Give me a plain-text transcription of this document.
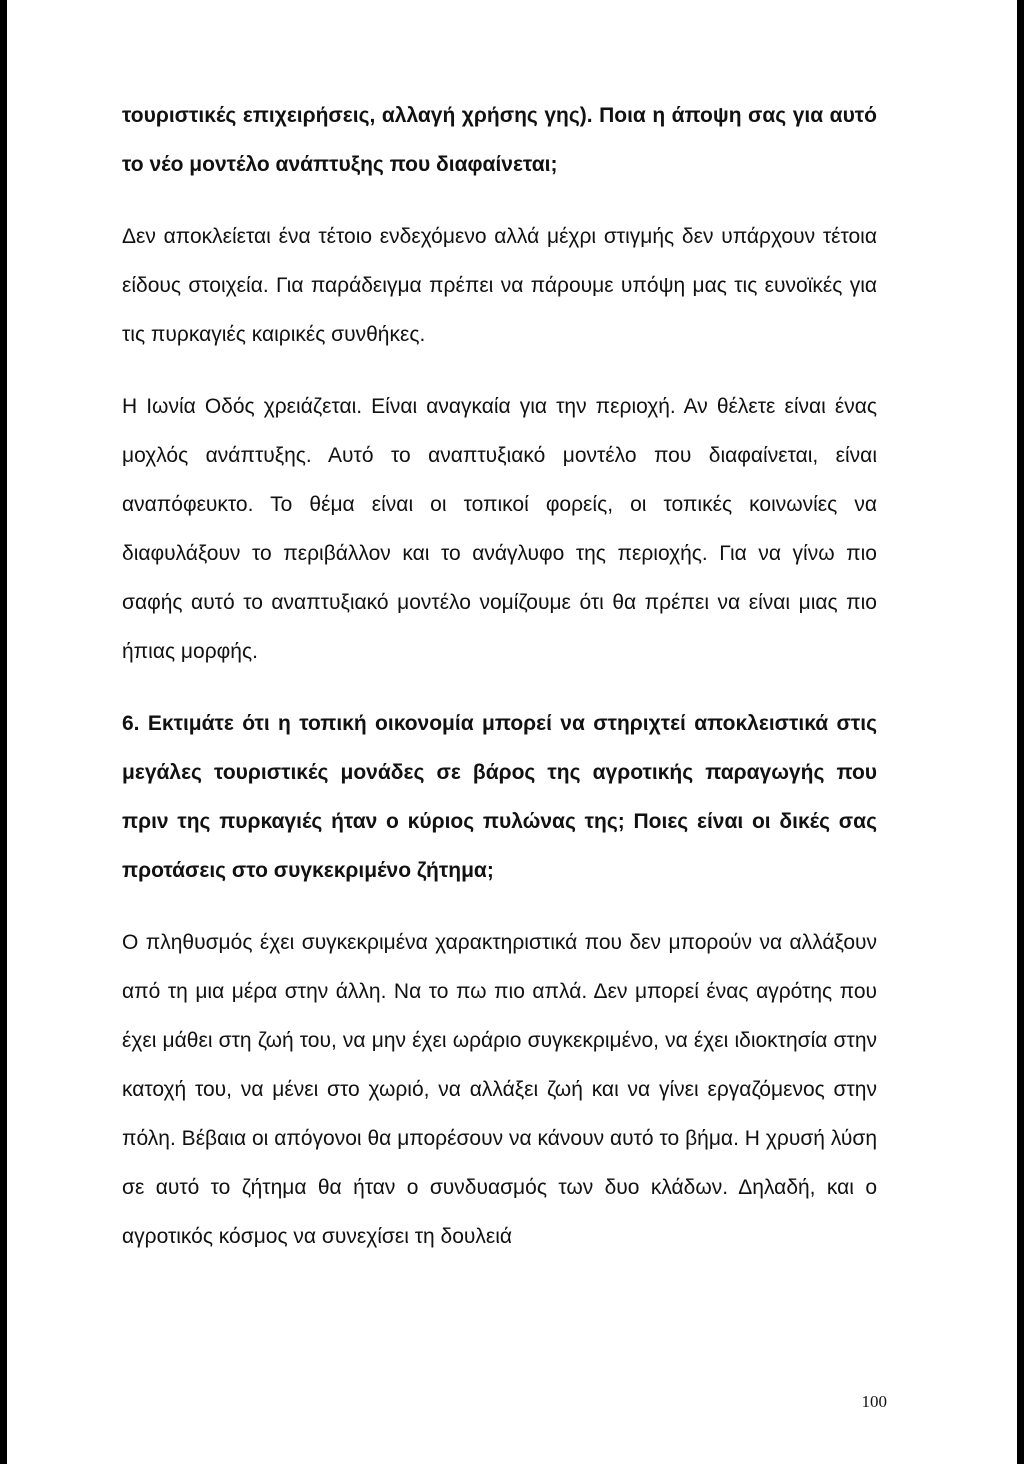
τουριστικές επιχειρήσεις, αλλαγή χρήσης γης). Ποια η άποψη σας για αυτό το νέο μοντέλο ανάπτυξης που διαφαίνεται;

Δεν αποκλείεται ένα τέτοιο ενδεχόμενο αλλά μέχρι στιγμής δεν υπάρχουν τέτοια είδους στοιχεία. Για παράδειγμα πρέπει να πάρουμε υπόψη μας τις ευνοϊκές για τις πυρκαγιές καιρικές συνθήκες.

Η Ιωνία Οδός χρειάζεται. Είναι αναγκαία για την περιοχή. Αν θέλετε είναι ένας μοχλός ανάπτυξης. Αυτό το αναπτυξιακό μοντέλο που διαφαίνεται, είναι αναπόφευκτο. Το θέμα είναι οι τοπικοί φορείς, οι τοπικές κοινωνίες να διαφυλάξουν το περιβάλλον και το ανάγλυφο της περιοχής. Για να γίνω πιο σαφής αυτό το αναπτυξιακό μοντέλο νομίζουμε ότι θα πρέπει να είναι μιας πιο ήπιας μορφής.

6. Εκτιμάτε ότι η τοπική οικονομία μπορεί να στηριχτεί αποκλειστικά στις μεγάλες τουριστικές μονάδες σε βάρος της αγροτικής παραγωγής που πριν της πυρκαγιές ήταν ο κύριος πυλώνας της; Ποιες είναι οι δικές σας προτάσεις στο συγκεκριμένο ζήτημα;

Ο πληθυσμός έχει συγκεκριμένα χαρακτηριστικά που δεν μπορούν να αλλάξουν από τη μια μέρα στην άλλη. Να το πω πιο απλά. Δεν μπορεί ένας αγρότης που έχει μάθει στη ζωή του, να μην έχει ωράριο συγκεκριμένο, να έχει ιδιοκτησία στην κατοχή του, να μένει στο χωριό, να αλλάξει ζωή και να γίνει εργαζόμενος στην πόλη. Βέβαια οι απόγονοι θα μπορέσουν να κάνουν αυτό το βήμα. Η χρυσή λύση σε αυτό το ζήτημα θα ήταν ο συνδυασμός των δυο κλάδων. Δηλαδή, και ο αγροτικός κόσμος να συνεχίσει τη δουλειά

100
